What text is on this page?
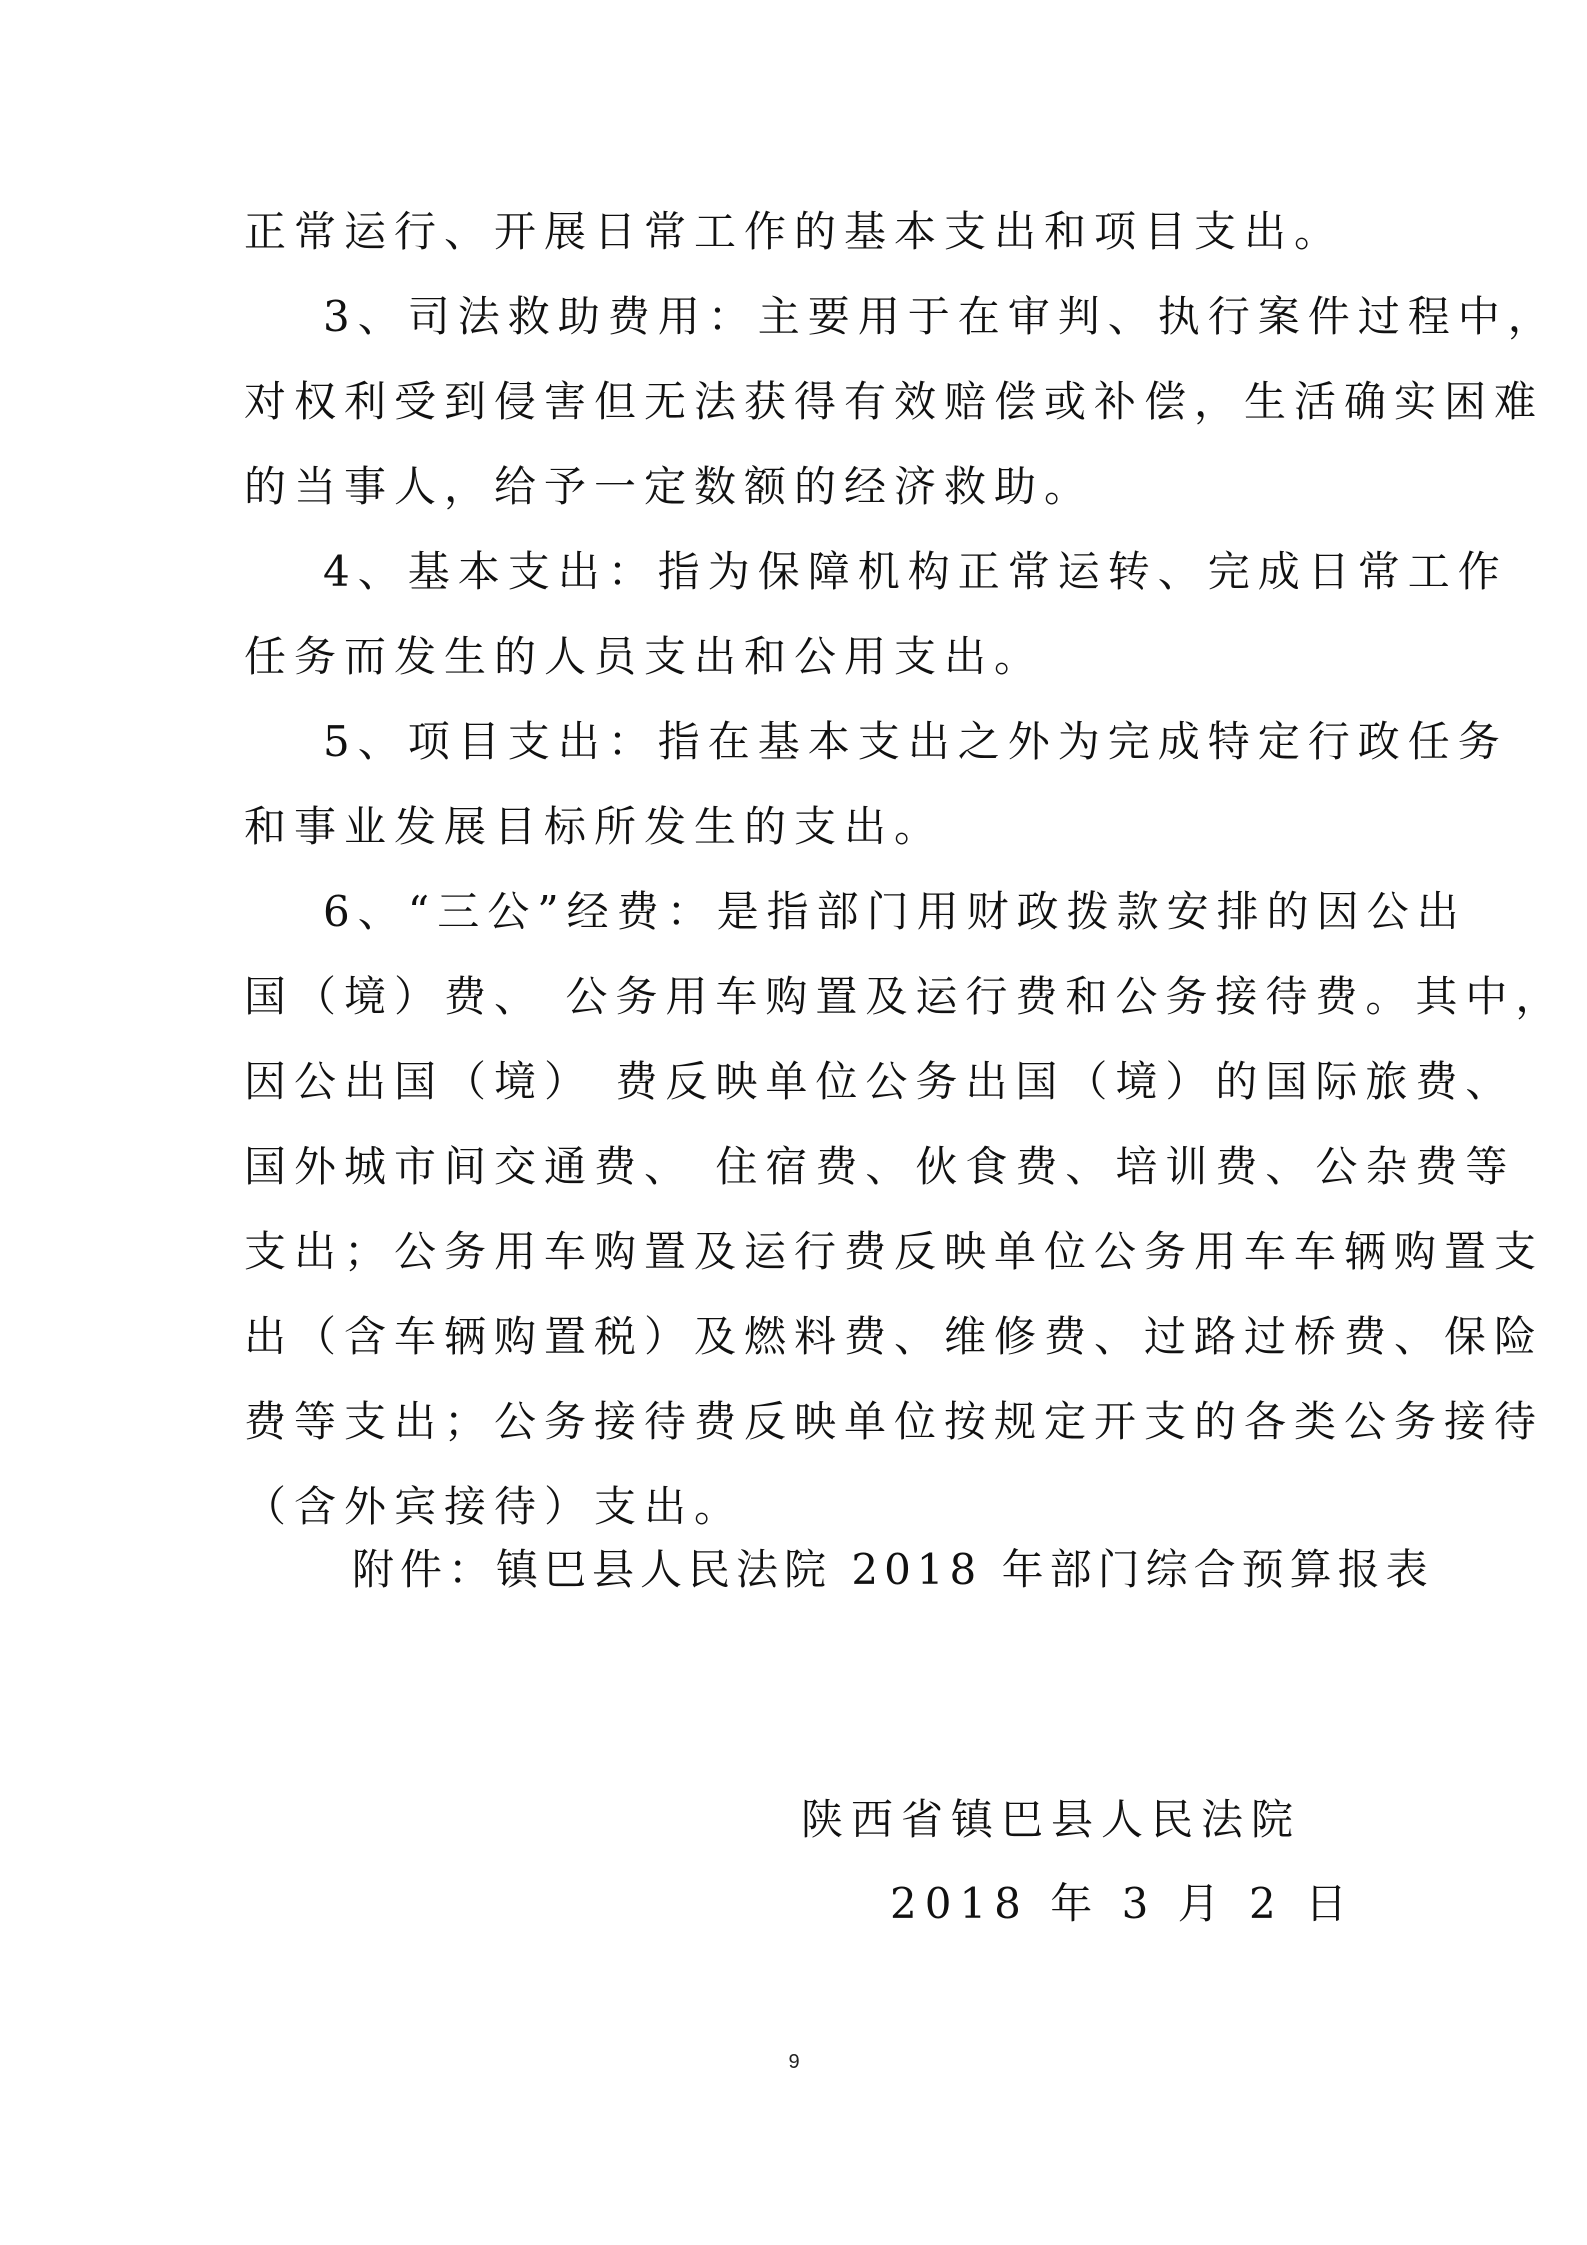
正常运行、开展日常工作的基本支出和项目支出。
3、司法救助费用：主要用于在审判、执行案件过程中，
对权利受到侵害但无法获得有效赔偿或补偿，生活确实困难
的当事人，给予一定数额的经济救助。
4、基本支出：指为保障机构正常运转、完成日常工作
任务而发生的人员支出和公用支出。
5、项目支出：指在基本支出之外为完成特定行政任务
和事业发展目标所发生的支出。
6、“三公”经费：是指部门用财政拨款安排的因公出
国（境）费、 公务用车购置及运行费和公务接待费。其中，
因公出国（境） 费反映单位公务出国（境）的国际旅费、
国外城市间交通费、 住宿费、伙食费、培训费、公杂费等
支出；公务用车购置及运行费反映单位公务用车车辆购置支
出（含车辆购置税）及燃料费、维修费、过路过桥费、保险
费等支出；公务接待费反映单位按规定开支的各类公务接待
（含外宾接待）支出。
附件：镇巴县人民法院 2018 年部门综合预算报表
陕西省镇巴县人民法院
2018 年 3 月 2 日
9
